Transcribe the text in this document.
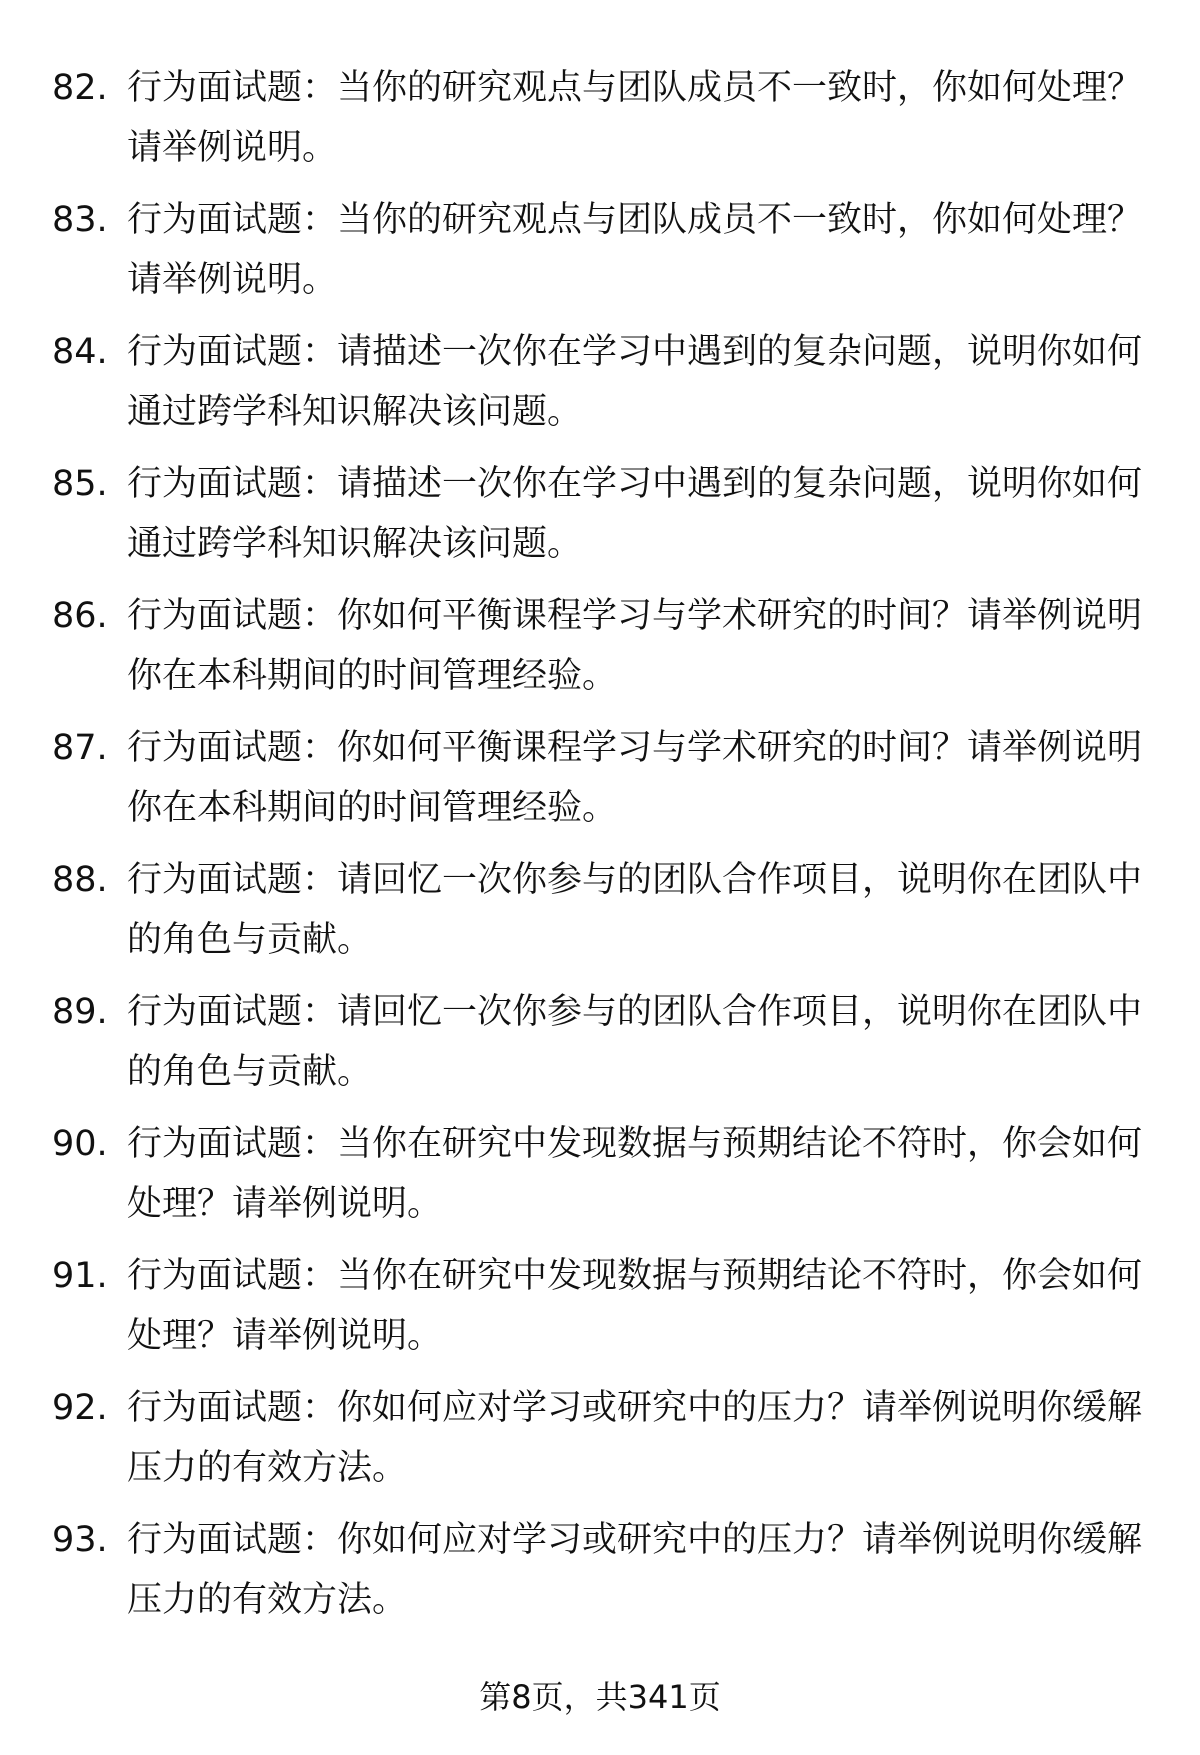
82. 行为面试题：当你的研究观点与团队成员不一致时，你如何处理？请举例说明。
83. 行为面试题：当你的研究观点与团队成员不一致时，你如何处理？请举例说明。
84. 行为面试题：请描述一次你在学习中遇到的复杂问题，说明你如何通过跨学科知识解决该问题。
85. 行为面试题：请描述一次你在学习中遇到的复杂问题，说明你如何通过跨学科知识解决该问题。
86. 行为面试题：你如何平衡课程学习与学术研究的时间？请举例说明你在本科期间的时间管理经验。
87. 行为面试题：你如何平衡课程学习与学术研究的时间？请举例说明你在本科期间的时间管理经验。
88. 行为面试题：请回忆一次你参与的团队合作项目，说明你在团队中的角色与贡献。
89. 行为面试题：请回忆一次你参与的团队合作项目，说明你在团队中的角色与贡献。
90. 行为面试题：当你在研究中发现数据与预期结论不符时，你会如何处理？请举例说明。
91. 行为面试题：当你在研究中发现数据与预期结论不符时，你会如何处理？请举例说明。
92. 行为面试题：你如何应对学习或研究中的压力？请举例说明你缓解压力的有效方法。
93. 行为面试题：你如何应对学习或研究中的压力？请举例说明你缓解压力的有效方法。
第8页，共341页
